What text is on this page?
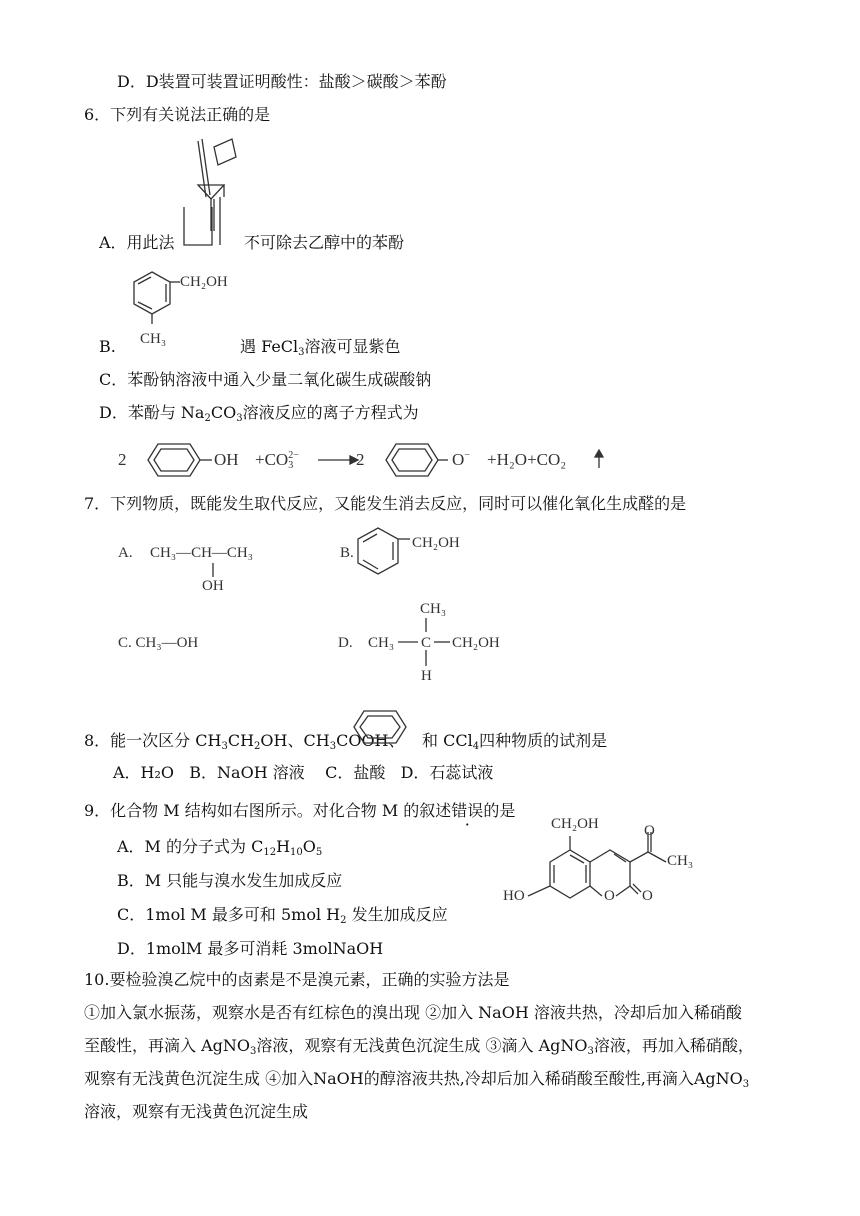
D．D装置可装置证明酸性：盐酸＞碳酸＞苯酚
6．下列有关说法正确的是
A．用此法	不可除去乙醇中的苯酚
CH₂OH
CH₃
B.	遇 FeCl$_3$溶液可显紫色
C．苯酚钠溶液中通入少量二氧化碳生成碳酸钠
D．苯酚与 $Na_2CO_3$溶液反应的离子方程式为
2	OH $+CO_3^{2-}$	2	O− +H₂O+CO₂
7．下列物质，既能发生取代反应，又能发生消去反应，同时可以催化氧化生成醛的是
A. CH₃—CH—CH₃
OH
B.
CH₂OH
C. CH₃—OH	D.
CH₃
CH₃ C CH₂OH
H
8．能一次区分 $CH_3CH_2OH$、$CH_3COOH$、 和 CCl$_4$四种物质的试剂是
A．H₂O   B．NaOH 溶液    C．盐酸   D．石蕊试液
9．化合物 M 结构如右图所示。对化合物 M 的叙述错误的是
A．M 的分子式为 $C_{12}H_{10}O_5$
B．M 只能与溴水发生加成反应
C．1mol M 最多可和 5mol $H_2$ 发生加成反应
D．1molM 最多可消耗 3molNaOH
CH₂OH	O
CH₃
HO	O O
10.要检验溴乙烷中的卤素是不是溴元素，正确的实验方法是
①加入氯水振荡，观察水是否有红棕色的溴出现 ②加入 NaOH 溶液共热，冷却后加入稀硝酸
至酸性，再滴入 AgNO$_3$溶液，观察有无浅黄色沉淀生成 ③滴入 AgNO$_3$溶液，再加入稀硝酸，
观察有无浅黄色沉淀生成 ④加入NaOH的醇溶液共热,冷却后加入稀硝酸至酸性,再滴入AgNO$_3$
溶液，观察有无浅黄色沉淀生成
